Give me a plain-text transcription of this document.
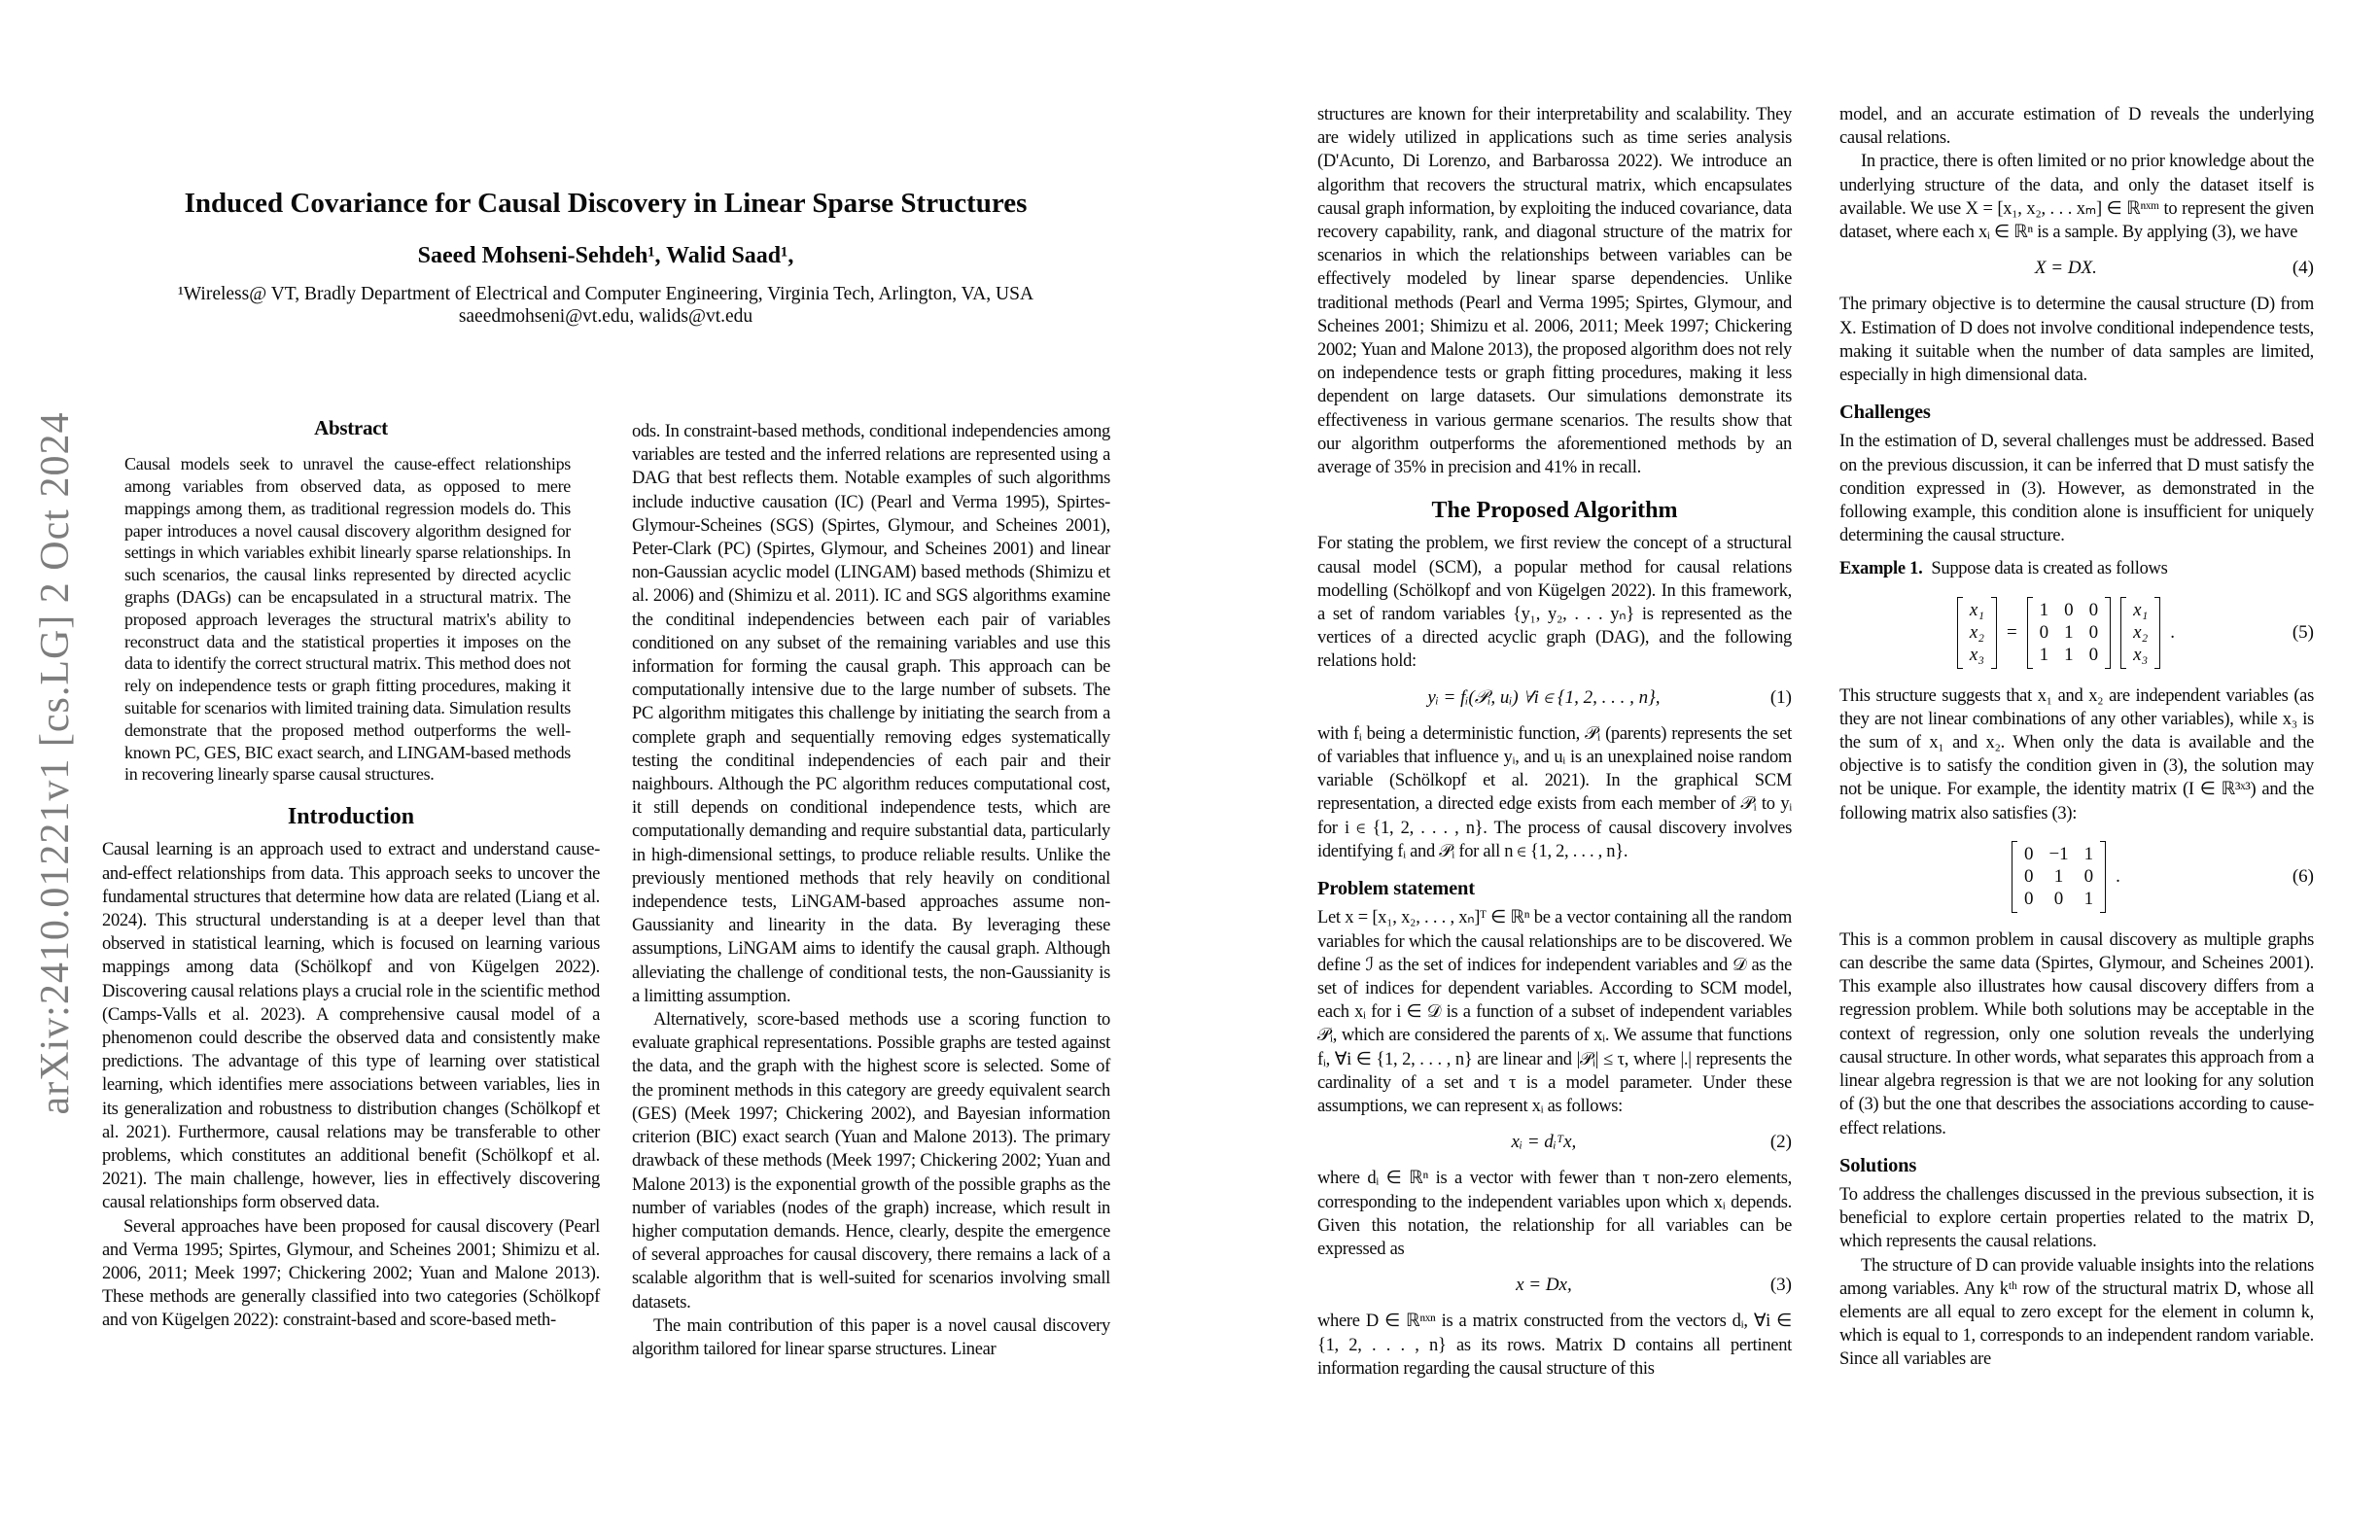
arXiv:2410.01221v1 [cs.LG] 2 Oct 2024
Induced Covariance for Causal Discovery in Linear Sparse Structures
Saeed Mohseni-Sehdeh¹, Walid Saad¹,
¹Wireless@ VT, Bradly Department of Electrical and Computer Engineering, Virginia Tech, Arlington, VA, USA
saeedmohseni@vt.edu, walids@vt.edu
Abstract

Causal models seek to unravel the cause-effect relationships among variables from observed data, as opposed to mere mappings among them, as traditional regression models do. This paper introduces a novel causal discovery algorithm designed for settings in which variables exhibit linearly sparse relationships. In such scenarios, the causal links represented by directed acyclic graphs (DAGs) can be encapsulated in a structural matrix. The proposed approach leverages the structural matrix's ability to reconstruct data and the statistical properties it imposes on the data to identify the correct structural matrix. This method does not rely on independence tests or graph fitting procedures, making it suitable for scenarios with limited training data. Simulation results demonstrate that the proposed method outperforms the well-known PC, GES, BIC exact search, and LINGAM-based methods in recovering linearly sparse causal structures.

Introduction

Causal learning is an approach used to extract and understand cause-and-effect relationships from data. This approach seeks to uncover the fundamental structures that determine how data are related (Liang et al. 2024). This structural understanding is at a deeper level than that observed in statistical learning, which is focused on learning various mappings among data (Schölkopf and von Kügelgen 2022). Discovering causal relations plays a crucial role in the scientific method (Camps-Valls et al. 2023). A comprehensive causal model of a phenomenon could describe the observed data and consistently make predictions. The advantage of this type of learning over statistical learning, which identifies mere associations between variables, lies in its generalization and robustness to distribution changes (Schölkopf et al. 2021). Furthermore, causal relations may be transferable to other problems, which constitutes an additional benefit (Schölkopf et al. 2021). The main challenge, however, lies in effectively discovering causal relationships form observed data.

Several approaches have been proposed for causal discovery (Pearl and Verma 1995; Spirtes, Glymour, and Scheines 2001; Shimizu et al. 2006, 2011; Meek 1997; Chickering 2002; Yuan and Malone 2013). These methods are generally classified into two categories (Schölkopf and von Kügelgen 2022): constraint-based and score-based meth-

ods. In constraint-based methods, conditional independencies among variables are tested and the inferred relations are represented using a DAG that best reflects them. Notable examples of such algorithms include inductive causation (IC) (Pearl and Verma 1995), Spirtes-Glymour-Scheines (SGS) (Spirtes, Glymour, and Scheines 2001), Peter-Clark (PC) (Spirtes, Glymour, and Scheines 2001) and linear non-Gaussian acyclic model (LINGAM) based methods (Shimizu et al. 2006) and (Shimizu et al. 2011). IC and SGS algorithms examine the conditinal independencies between each pair of variables conditioned on any subset of the remaining variables and use this information for forming the causal graph. This approach can be computationally intensive due to the large number of subsets. The PC algorithm mitigates this challenge by initiating the search from a complete graph and sequentially removing edges systematically testing the conditinal independencies of each pair and their naighbours. Although the PC algorithm reduces computational cost, it still depends on conditional independence tests, which are computationally demanding and require substantial data, particularly in high-dimensional settings, to produce reliable results. Unlike the previously mentioned methods that rely heavily on conditional independence tests, LiNGAM-based approaches assume non-Gaussianity and linearity in the data. By leveraging these assumptions, LiNGAM aims to identify the causal graph. Although alleviating the challenge of conditional tests, the non-Gaussianity is a limitting assumption.

Alternatively, score-based methods use a scoring function to evaluate graphical representations. Possible graphs are tested against the data, and the graph with the highest score is selected. Some of the prominent methods in this category are greedy equivalent search (GES) (Meek 1997; Chickering 2002), and Bayesian information criterion (BIC) exact search (Yuan and Malone 2013). The primary drawback of these methods (Meek 1997; Chickering 2002; Yuan and Malone 2013) is the exponential growth of the possible graphs as the number of variables (nodes of the graph) increase, which result in higher computation demands. Hence, clearly, despite the emergence of several approaches for causal discovery, there remains a lack of a scalable algorithm that is well-suited for scenarios involving small datasets.

The main contribution of this paper is a novel causal discovery algorithm tailored for linear sparse structures. Linear

structures are known for their interpretability and scalability. They are widely utilized in applications such as time series analysis (D'Acunto, Di Lorenzo, and Barbarossa 2022). We introduce an algorithm that recovers the structural matrix, which encapsulates causal graph information, by exploiting the induced covariance, data recovery capability, rank, and diagonal structure of the matrix for scenarios in which the relationships between variables can be effectively modeled by linear sparse dependencies. Unlike traditional methods (Pearl and Verma 1995; Spirtes, Glymour, and Scheines 2001; Shimizu et al. 2006, 2011; Meek 1997; Chickering 2002; Yuan and Malone 2013), the proposed algorithm does not rely on independence tests or graph fitting procedures, making it less dependent on large datasets. Our simulations demonstrate its effectiveness in various germane scenarios. The results show that our algorithm outperforms the aforementioned methods by an average of 35% in precision and 41% in recall.

The Proposed Algorithm

For stating the problem, we first review the concept of a structural causal model (SCM), a popular method for causal relations modelling (Schölkopf and von Kügelgen 2022). In this framework, a set of random variables {y₁, y₂, . . . yₙ} is represented as the vertices of a directed acyclic graph (DAG), and the following relations hold:

yᵢ = fᵢ(𝒫ᵢ, uᵢ) ∀i ∈ {1, 2, . . . , n},	(1)

with fᵢ being a deterministic function, 𝒫ᵢ (parents) represents the set of variables that influence yᵢ, and uᵢ is an unexplained noise random variable (Schölkopf et al. 2021). In the graphical SCM representation, a directed edge exists from each member of 𝒫ᵢ to yᵢ for i ∈ {1, 2, . . . , n}. The process of causal discovery involves identifying fᵢ and 𝒫ᵢ for all n ∈ {1, 2, . . . , n}.

Problem statement

Let x = [x₁, x₂, . . . , xₙ]ᵀ ∈ ℝⁿ be a vector containing all the random variables for which the causal relationships are to be discovered. We define ℐ as the set of indices for independent variables and 𝒟 as the set of indices for dependent variables. According to SCM model, each xᵢ for i ∈ 𝒟 is a function of a subset of independent variables 𝒫ᵢ, which are considered the parents of xᵢ. We assume that functions fᵢ, ∀i ∈ {1, 2, . . . , n} are linear and |𝒫ᵢ| ≤ τ, where |.| represents the cardinality of a set and τ is a model parameter. Under these assumptions, we can represent xᵢ as follows:

xᵢ = dᵢᵀx,	(2)

where dᵢ ∈ ℝⁿ is a vector with fewer than τ non-zero elements, corresponding to the independent variables upon which xᵢ depends. Given this notation, the relationship for all variables can be expressed as

x = Dx,	(3)

where D ∈ ℝⁿˣⁿ is a matrix constructed from the vectors dᵢ, ∀i ∈ {1, 2, . . . , n} as its rows. Matrix D contains all pertinent information regarding the causal structure of this

model, and an accurate estimation of D reveals the underlying causal relations.

In practice, there is often limited or no prior knowledge about the underlying structure of the data, and only the dataset itself is available. We use X = [x₁, x₂, . . . xₘ] ∈ ℝⁿˣᵐ to represent the given dataset, where each xᵢ ∈ ℝⁿ is a sample. By applying (3), we have

X = DX.	(4)

The primary objective is to determine the causal structure (D) from X. Estimation of D does not involve conditional independence tests, making it suitable when the number of data samples are limited, especially in high dimensional data.

Challenges

In the estimation of D, several challenges must be addressed. Based on the previous discussion, it can be inferred that D must satisfy the condition expressed in (3). However, as demonstrated in the following example, this condition alone is insufficient for uniquely determining the causal structure.

Example 1. Suppose data is created as follows

x₁
x₂
x₃
=
1 0 0
0 1 0
1 1 0
x₁
x₂
x₃
.	(5)

This structure suggests that x₁ and x₂ are independent variables (as they are not linear combinations of any other variables), while x₃ is the sum of x₁ and x₂. When only the data is available and the objective is to satisfy the condition given in (3), the solution may not be unique. For example, the identity matrix (I ∈ ℝ³ˣ³) and the following matrix also satisfies (3):

0 −1 1
0 1 0
0 0 1
.	(6)

This is a common problem in causal discovery as multiple graphs can describe the same data (Spirtes, Glymour, and Scheines 2001). This example also illustrates how causal discovery differs from a regression problem. While both solutions may be acceptable in the context of regression, only one solution reveals the underlying causal structure. In other words, what separates this approach from a linear algebra regression is that we are not looking for any solution of (3) but the one that describes the associations according to cause-effect relations.

Solutions

To address the challenges discussed in the previous subsection, it is beneficial to explore certain properties related to the matrix D, which represents the causal relations.

The structure of D can provide valuable insights into the relations among variables. Any kᵗʰ row of the structural matrix D, whose all elements are all equal to zero except for the element in column k, which is equal to 1, corresponds to an independent random variable. Since all variables are
